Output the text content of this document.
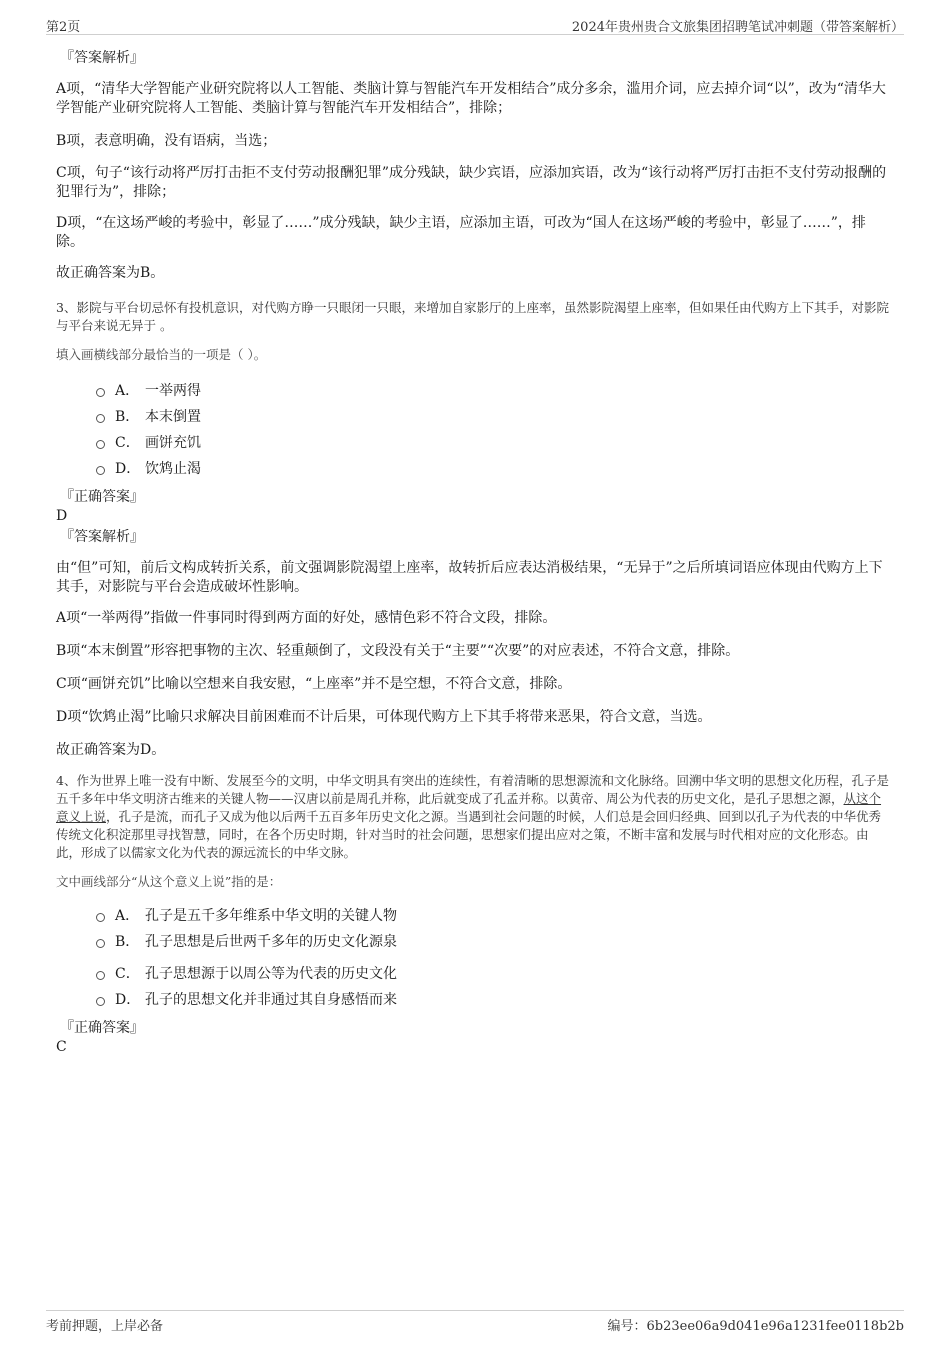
第2页	2024年贵州贵合文旅集团招聘笔试冲刺题（带答案解析）

『答案解析』

A项，“清华大学智能产业研究院将以人工智能、类脑计算与智能汽车开发相结合”成分多余，滥用介词，应去掉介词“以”，改为“清华大学智能产业研究院将人工智能、类脑计算与智能汽车开发相结合”，排除；

B项，表意明确，没有语病，当选；

C项，句子“该行动将严厉打击拒不支付劳动报酬犯罪”成分残缺，缺少宾语，应添加宾语，改为“该行动将严厉打击拒不支付劳动报酬的犯罪行为”，排除；

D项，“在这场严峻的考验中，彰显了……”成分残缺，缺少主语，应添加主语，可改为“国人在这场严峻的考验中，彰显了……”，排除。

故正确答案为B。

3、影院与平台切忌怀有投机意识，对代购方睁一只眼闭一只眼，来增加自家影厅的上座率，虽然影院渴望上座率，但如果任由代购方上下其手，对影院与平台来说无异于 。

填入画横线部分最恰当的一项是（ ）。

A． 一举两得
B． 本末倒置
C． 画饼充饥
D． 饮鸩止渴

『正确答案』

D

『答案解析』

由“但”可知，前后文构成转折关系，前文强调影院渴望上座率，故转折后应表达消极结果，“无异于”之后所填词语应体现由代购方上下其手，对影院与平台会造成破坏性影响。

A项“一举两得”指做一件事同时得到两方面的好处，感情色彩不符合文段，排除。

B项“本末倒置”形容把事物的主次、轻重颠倒了，文段没有关于“主要”“次要”的对应表述，不符合文意，排除。

C项“画饼充饥”比喻以空想来自我安慰，“上座率”并不是空想，不符合文意，排除。

D项“饮鸩止渴”比喻只求解决目前困难而不计后果，可体现代购方上下其手将带来恶果，符合文意，当选。

故正确答案为D。

4、作为世界上唯一没有中断、发展至今的文明，中华文明具有突出的连续性，有着清晰的思想源流和文化脉络。回溯中华文明的思想文化历程，孔子是五千多年中华文明济古维来的关键人物——汉唐以前是周孔并称，此后就变成了孔孟并称。以黄帝、周公为代表的历史文化，是孔子思想之源，从这个意义上说，孔子是流，而孔子又成为他以后两千五百多年历史文化之源。当遇到社会问题的时候，人们总是会回归经典、回到以孔子为代表的中华优秀传统文化积淀那里寻找智慧，同时，在各个历史时期，针对当时的社会问题，思想家们提出应对之策，不断丰富和发展与时代相对应的文化形态。由此，形成了以儒家文化为代表的源远流长的中华文脉。

文中画线部分“从这个意义上说”指的是：

A． 孔子是五千多年维系中华文明的关键人物
B． 孔子思想是后世两千多年的历史文化源泉
C． 孔子思想源于以周公等为代表的历史文化
D． 孔子的思想文化并非通过其自身感悟而来

『正确答案』

C

考前押题，上岸必备	编号：6b23ee06a9d041e96a1231fee0118b2b
